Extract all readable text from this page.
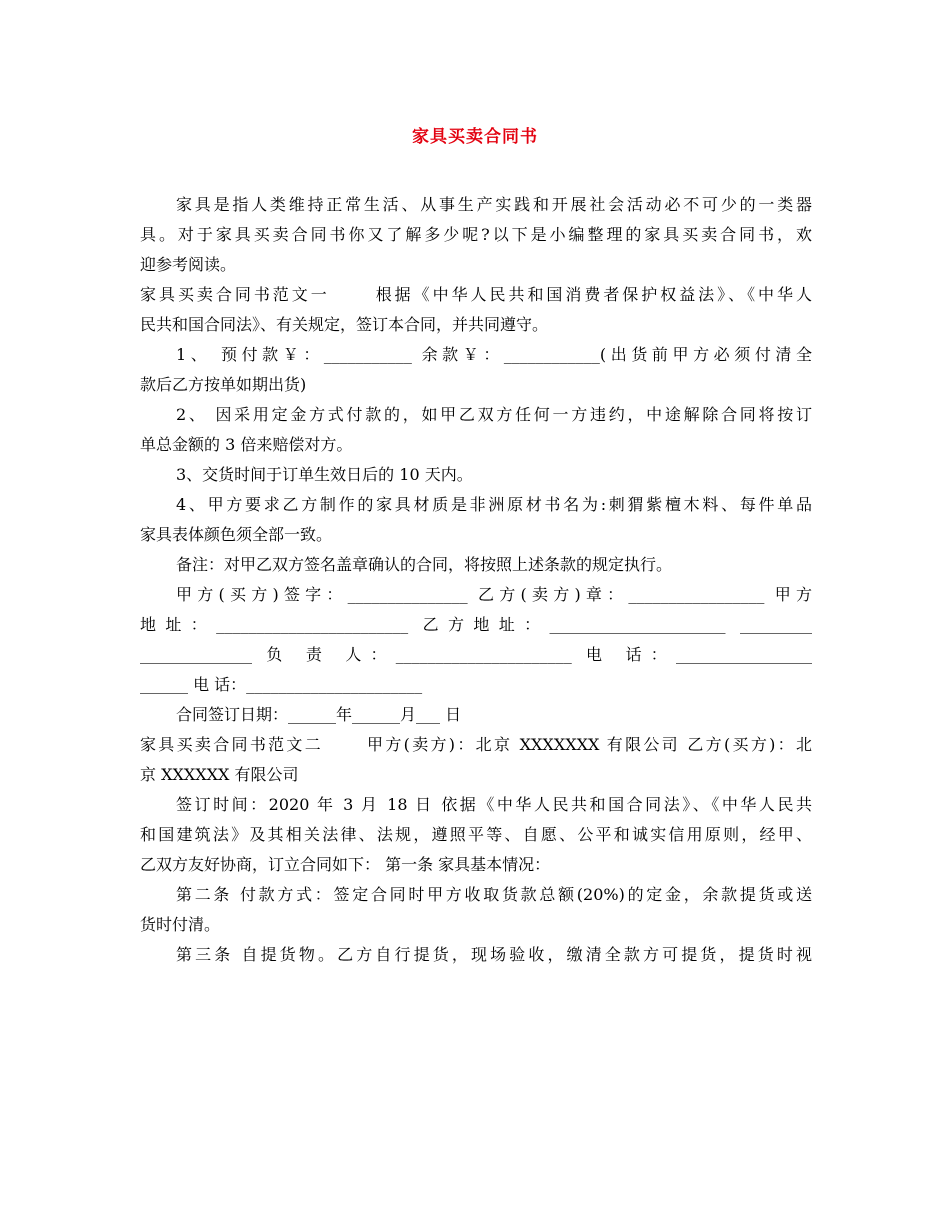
家具买卖合同书
家具是指人类维持正常生活、从事生产实践和开展社会活动必不可少的一类器
具。对于家具买卖合同书你又了解多少呢?以下是小编整理的家具买卖合同书，欢
迎参考阅读。
家具买卖合同书范文一　　 根据《中华人民共和国消费者保护权益法》、《中华人
民共和国合同法》、有关规定，签订本合同，并共同遵守。
1、 预付款￥：___________ 余款￥：____________(出货前甲方必须付清全
款后乙方按单如期出货)
2、 因采用定金方式付款的，如甲乙双方任何一方违约，中途解除合同将按订
单总金额的 3 倍来赔偿对方。
3、交货时间于订单生效日后的 10 天内。
4、甲方要求乙方制作的家具材质是非洲原材书名为:刺猬紫檀木料、每件单品
家具表体颜色须全部一致。
备注：对甲乙双方签名盖章确认的合同，将按照上述条款的规定执行。
甲方(买方)签字：_______________ 乙方(卖方)章：_________________ 甲方
地址：________________________ 乙方地址：______________________ _________
______________ 负 责 人：______________________ 电 话：_________________
______ 电 话：______________________
合同签订日期：______年______月___ 日
家具买卖合同书范文二　　 甲方(卖方)：北京 XXXXXXX 有限公司 乙方(买方)：北
京 XXXXXX 有限公司
签订时间：2020 年 3 月 18 日 依据《中华人民共和国合同法》、《中华人民共
和国建筑法》及其相关法律、法规，遵照平等、自愿、公平和诚实信用原则，经甲、
乙双方友好协商，订立合同如下： 第一条 家具基本情况：
第二条 付款方式：签定合同时甲方收取货款总额(20%)的定金，余款提货或送
货时付清。
第三条 自提货物。乙方自行提货，现场验收，缴清全款方可提货，提货时视
